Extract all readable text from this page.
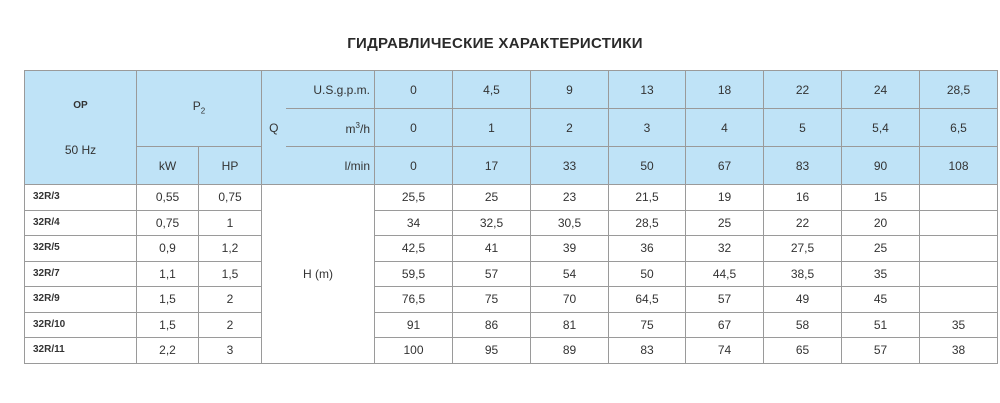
ГИДРАВЛИЧЕСКИЕ ХАРАКТЕРИСТИКИ
OP
50 Hz	$P_2$		Q	U.S.g.p.m.	0	4,5	9	13	18	22	24	28,5
				$m^3/h$	0	1	2	3	4	5	5,4	6,5
	kW	HP		l/min	0	17	33	50	67	83	90	108
32R/3	0,55	0,75	H (m)		25,5	25	23	21,5	19	16	15	
32R/4	0,75	1			34	32,5	30,5	28,5	25	22	20	
32R/5	0,9	1,2			42,5	41	39	36	32	27,5	25	
32R/7	1,1	1,5			59,5	57	54	50	44,5	38,5	35	
32R/9	1,5	2			76,5	75	70	64,5	57	49	45	
32R/10	1,5	2			91	86	81	75	67	58	51	35
32R/11	2,2	3			100	95	89	83	74	65	57	38
